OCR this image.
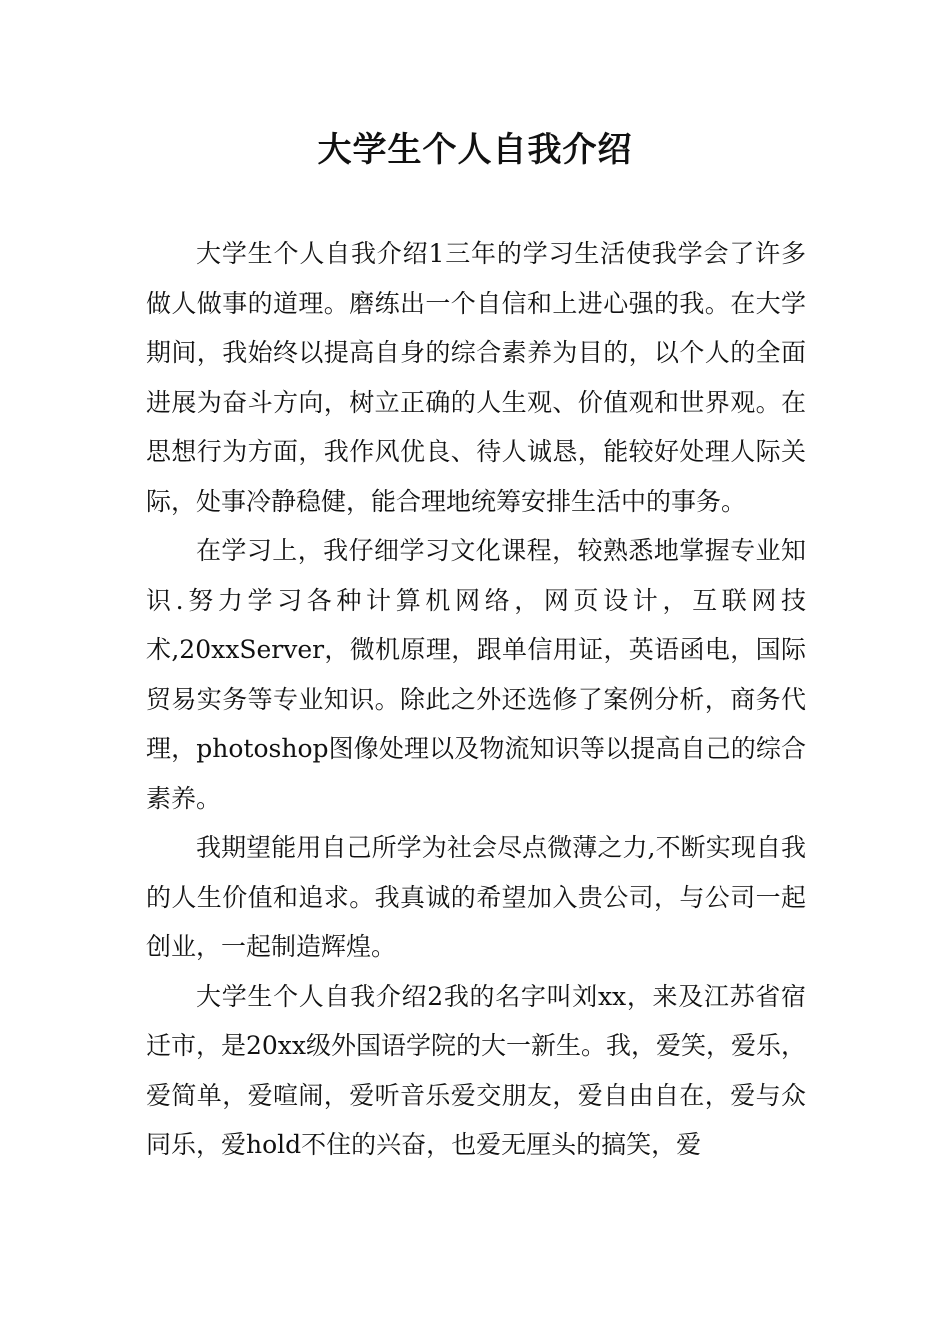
大学生个人自我介绍

大学生个人自我介绍1三年的学习生活使我学会了许多做人做事的道理。磨练出一个自信和上进心强的我。在大学期间，我始终以提高自身的综合素养为目的，以个人的全面进展为奋斗方向，树立正确的人生观、价值观和世界观。在思想行为方面，我作风优良、待人诚恳，能较好处理人际关际，处事冷静稳健，能合理地统筹安排生活中的事务。

在学习上，我仔细学习文化课程，较熟悉地掌握专业知识.努力学习各种计算机网络，网页设计，互联网技术,20xxServer，微机原理，跟单信用证，英语函电，国际贸易实务等专业知识。除此之外还选修了案例分析，商务代理，photoshop图像处理以及物流知识等以提高自己的综合素养。

我期望能用自己所学为社会尽点微薄之力,不断实现自我的人生价值和追求。我真诚的希望加入贵公司，与公司一起创业，一起制造辉煌。

大学生个人自我介绍2我的名字叫刘xx，来及江苏省宿迁市，是20xx级外国语学院的大一新生。我，爱笑，爱乐，爱简单，爱喧闹，爱听音乐爱交朋友，爱自由自在，爱与众同乐，爱hold不住的兴奋，也爱无厘头的搞笑，爱
